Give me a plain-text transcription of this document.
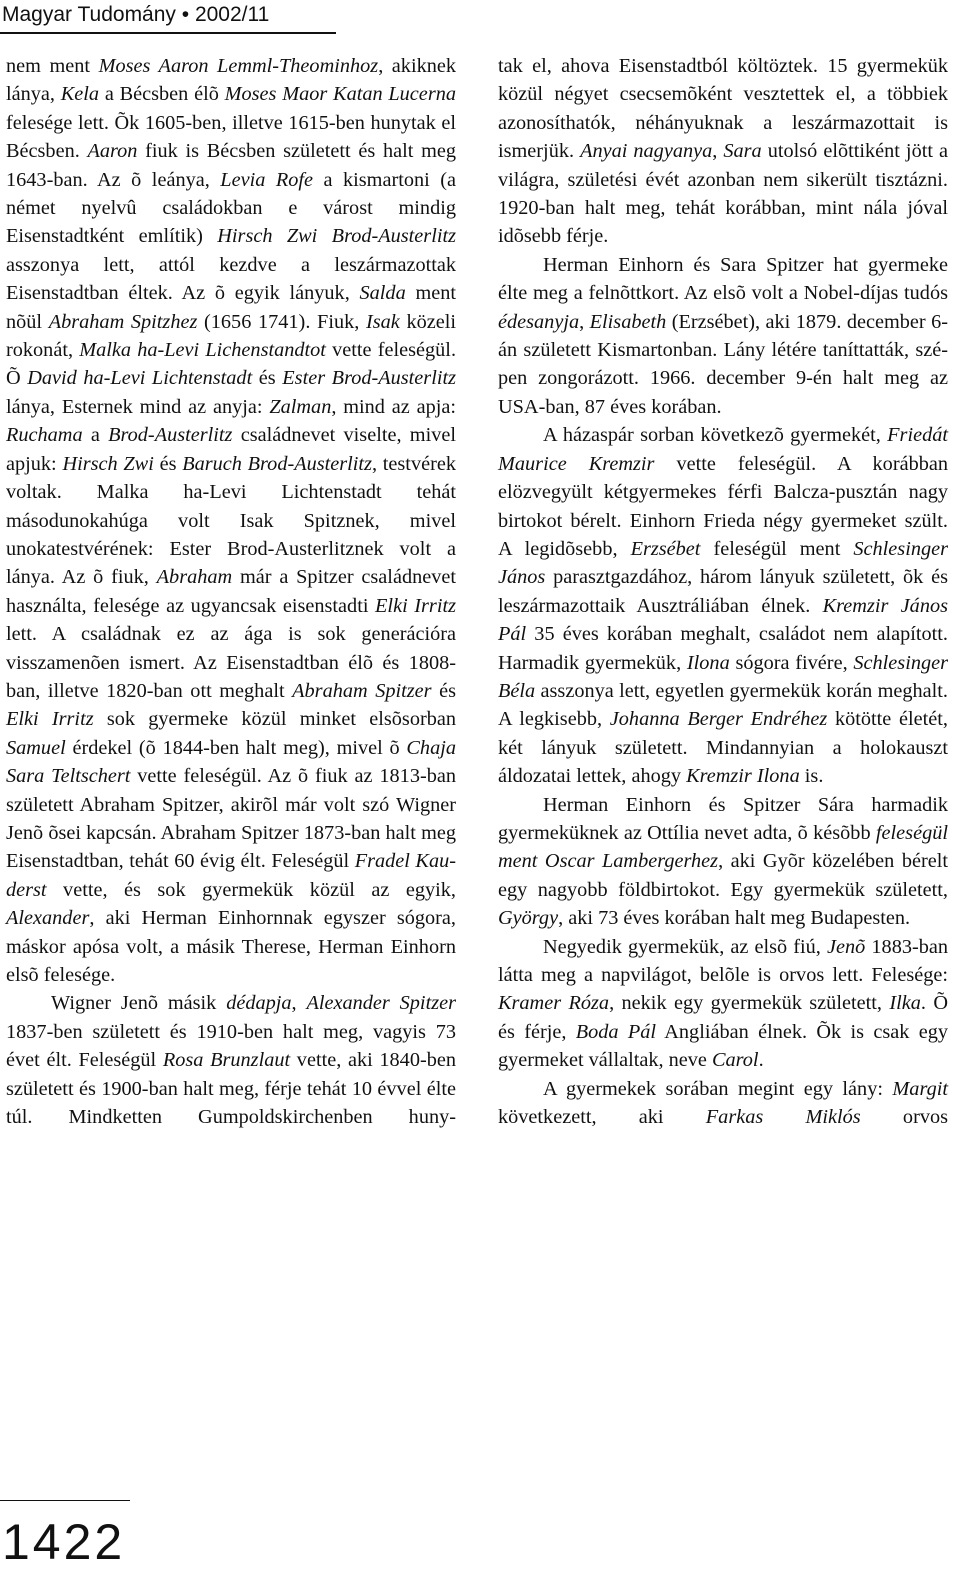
Magyar Tudomány • 2002/11

nem ment Moses Aaron Lemml-Theominhoz, akiknek lánya, Kela a Bécsben élõ Moses Maor Katan Lucerna felesége lett. Õk 1605-ben, illetve 1615-ben hunytak el Bécsben. Aaron fiuk is Bécsben született és halt meg 1643-ban. Az õ leánya, Levia Rofe a kismartoni (a német nyelvû családokban e várost mindig Eisenstadtként említik) Hirsch Zwi Brod-Austerlitz asszonya lett, attól kezdve a leszármazottak Eisenstadtban éltek. Az õ egyik lányuk, Salda ment nõül Abraham Spitzhez (1656 1741). Fiuk, Isak közeli rokonát, Malka ha-Levi Lichenstandtot vette feleségül. Õ David ha-Levi Lichtenstadt és Ester Brod-Austerlitz lánya, Esternek mind az anyja: Zalman, mind az apja: Ruchama a Brod-Austerlitz családnevet viselte, mivel apjuk: Hirsch Zwi és Baruch Brod-Austerlitz, testvérek voltak. Malka ha-Levi Lichtenstadt tehát másodunokahúga volt Isak Spitznek, mivel unokatestvérének: Ester Brod-Austerlitznek volt a lánya. Az õ fiuk, Abraham már a Spitzer családnevet használta, felesége az ugyancsak eisenstadti Elki Irritz lett. A családnak ez az ága is sok generációra visszamenõen ismert. Az Eisenstadtban élõ és 1808-ban, illetve 1820-ban ott meghalt Abraham Spitzer és Elki Irritz sok gyermeke közül minket elsõsorban Samuel érdekel (õ 1844-ben halt meg), mivel õ Chaja Sara Teltschert vette feleségül. Az õ fiuk az 1813-ban született Abraham Spitzer, akirõl már volt szó Wigner Jenõ õsei kapcsán. Abraham Spitzer 1873-ban halt meg Eisenstadtban, tehát 60 évig élt. Feleségül Fradel Kauderst vette, és sok gyermekük közül az egyik, Alexander, aki Herman Einhornnak egyszer sógora, máskor apósa volt, a másik Therese, Herman Einhorn elsõ felesége.

Wigner Jenõ másik dédapja, Alexander Spitzer 1837-ben született és 1910-ben halt meg, vagyis 73 évet élt. Feleségül Rosa Brunzlaut vette, aki 1840-ben született és 1900-ban halt meg, férje tehát 10 évvel élte túl. Mindketten Gumpoldskirchenben huny-

tak el, ahova Eisenstadtból költöztek. 15 gyermekük közül négyet csecsemõként vesztettek el, a többiek azonosíthatók, néhányuknak a leszármazottait is ismerjük. Anyai nagyanya, Sara utolsó elõttiként jött a világra, születési évét azonban nem sikerült tisztázni. 1920-ban halt meg, tehát korábban, mint nála jóval idõsebb férje.

Herman Einhorn és Sara Spitzer hat gyermeke élte meg a felnõttkort. Az elsõ volt a Nobel-díjas tudós édesanyja, Elisabeth (Erzsébet), aki 1879. december 6-án született Kismartonban. Lány létére taníttatták, szépen zongorázott. 1966. december 9-én halt meg az USA-ban, 87 éves korában.

A házaspár sorban következõ gyermekét, Friedát Maurice Kremzir vette feleségül. A korábban elözvegyült kétgyermekes férfi Balcza-pusztán nagy birtokot bérelt. Einhorn Frieda négy gyermeket szült. A legidõsebb, Erzsébet feleségül ment Schlesinger János parasztgazdához, három lányuk született, õk és leszármazottaik Ausztráliában élnek. Kremzir János Pál 35 éves korában meghalt, családot nem alapított. Harmadik gyermekük, Ilona sógora fivére, Schlesinger Béla asszonya lett, egyetlen gyermekük korán meghalt. A legkisebb, Johanna Berger Endréhez kötötte életét, két lányuk született. Mindannyian a holokauszt áldozatai lettek, ahogy Kremzir Ilona is.

Herman Einhorn és Spitzer Sára harmadik gyermeküknek az Ottília nevet adta, õ késõbb feleségül ment Oscar Lambergerhez, aki Gyõr közelében bérelt egy nagyobb földbirtokot. Egy gyermekük született, György, aki 73 éves korában halt meg Budapesten.

Negyedik gyermekük, az elsõ fiú, Jenõ 1883-ban látta meg a napvilágot, belõle is orvos lett. Felesége: Kramer Róza, nekik egy gyermekük született, Ilka. Õ és férje, Boda Pál Angliában élnek. Õk is csak egy gyermeket vállaltak, neve Carol.

A gyermekek sorában megint egy lány: Margit következett, aki Farkas Miklós orvos

1422
